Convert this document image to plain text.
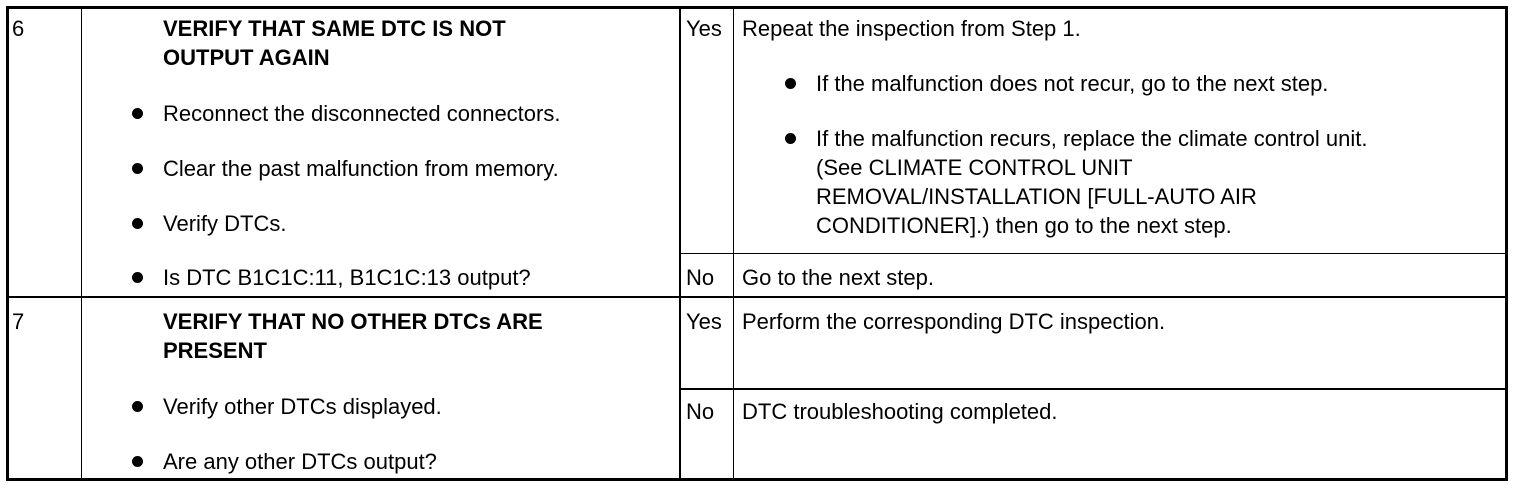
6	VERIFY THAT SAME DTC IS NOT
OUTPUT AGAIN
Reconnect the disconnected connectors.
Clear the past malfunction from memory.
Verify DTCs.
Is DTC B1C1C:11, B1C1C:13 output?
Yes Repeat the inspection from Step 1.
If the malfunction does not recur, go to the next step.
If the malfunction recurs, replace the climate control unit.
(See CLIMATE CONTROL UNIT
REMOVAL/INSTALLATION [FULL-AUTO AIR
CONDITIONER].) then go to the next step.
No Go to the next step.
7	VERIFY THAT NO OTHER DTCs ARE
PRESENT
Verify other DTCs displayed.
Are any other DTCs output?
Yes Perform the corresponding DTC inspection.
No DTC troubleshooting completed.
